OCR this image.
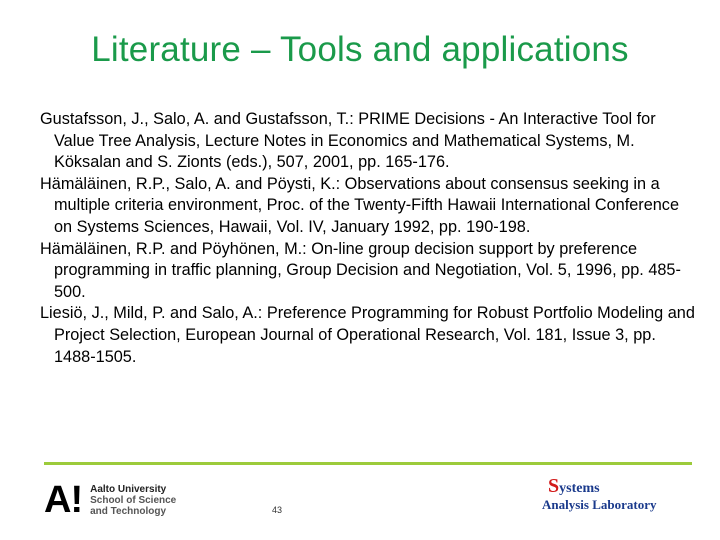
Literature – Tools and applications

Gustafsson, J., Salo, A. and Gustafsson, T.: PRIME Decisions - An Interactive Tool for Value Tree Analysis, Lecture Notes in Economics and Mathematical Systems, M. Köksalan and S. Zionts (eds.), 507, 2001, pp. 165-176.

Hämäläinen, R.P., Salo, A. and Pöysti, K.: Observations about consensus seeking in a multiple criteria environment, Proc. of the Twenty-Fifth Hawaii International Conference on Systems Sciences, Hawaii, Vol. IV, January 1992, pp. 190-198.

Hämäläinen, R.P. and Pöyhönen, M.: On-line group decision support by preference programming in traffic planning, Group Decision and Negotiation, Vol. 5, 1996, pp. 485-500.

Liesiö, J., Mild, P. and Salo, A.: Preference Programming for Robust Portfolio Modeling and Project Selection, European Journal of Operational Research, Vol. 181, Issue 3, pp. 1488-1505.

A! Aalto University
School of Science
and Technology	43
Systems
Analysis Laboratory
